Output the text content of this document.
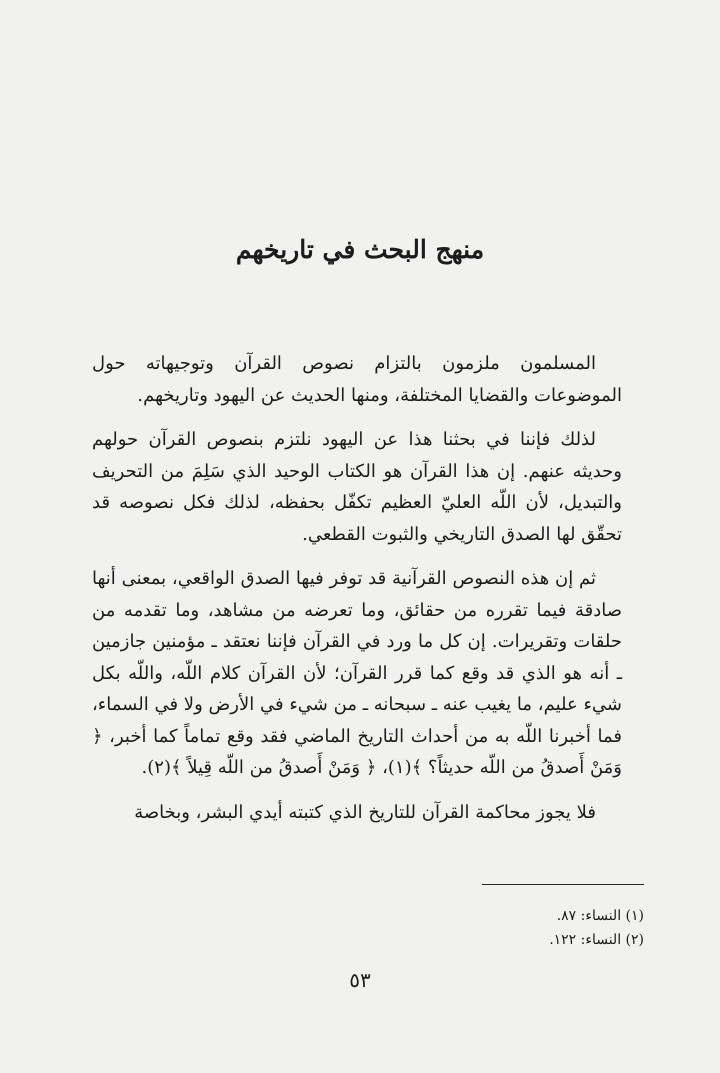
منهج البحث في تاريخهم

المسلمون ملزمون بالتزام نصوص القرآن وتوجيهاته حول الموضوعات والقضايا المختلفة، ومنها الحديث عن اليهود وتاريخهم.

لذلك فإننا في بحثنا هذا عن اليهود نلتزم بنصوص القرآن حولهم وحديثه عنهم. إن هذا القرآن هو الكتاب الوحيد الذي سَلِمَ من التحريف والتبديل، لأن اللّه العليّ العظيم تكفّل بحفظه، لذلك فكل نصوصه قد تحقّق لها الصدق التاريخي والثبوت القطعي.

ثم إن هذه النصوص القرآنية قد توفر فيها الصدق الواقعي، بمعنى أنها صادقة فيما تقرره من حقائق، وما تعرضه من مشاهد، وما تقدمه من حلقات وتقريرات. إن كل ما ورد في القرآن فإننا نعتقد ـ مؤمنين جازمين ـ أنه هو الذي قد وقع كما قرر القرآن؛ لأن القرآن كلام اللّه، واللّه بكل شيء عليم، ما يغيب عنه ـ سبحانه ـ من شيء في الأرض ولا في السماء، فما أخبرنا اللّه به من أحداث التاريخ الماضي فقد وقع تماماً كما أخبر، ﴿ وَمَنْ أَصدقُ من اللّه حديثاً؟ ﴾(١)، ﴿ وَمَنْ أَصدقُ من اللّه قِيلاً ﴾(٢).

فلا يجوز محاكمة القرآن للتاريخ الذي كتبته أيدي البشر، وبخاصة

(١) النساء: ٨٧.

(٢) النساء: ١٢٢.

٥٣
